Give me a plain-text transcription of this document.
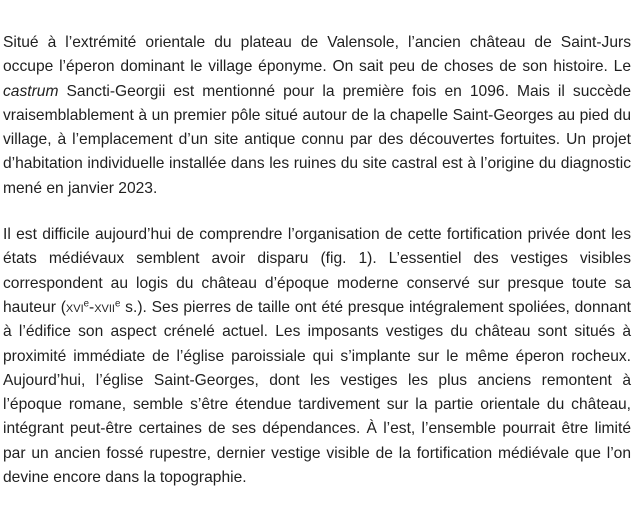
Situé à l’extrémité orientale du plateau de Valensole, l’ancien château de Saint-Jurs occupe l’éperon dominant le village éponyme. On sait peu de choses de son histoire. Le castrum Sancti-Georgii est mentionné pour la première fois en 1096. Mais il succède vraisemblablement à un premier pôle situé autour de la chapelle Saint-Georges au pied du village, à l’emplacement d’un site antique connu par des découvertes fortuites. Un projet d’habitation individuelle installée dans les ruines du site castral est à l’origine du diagnostic mené en janvier 2023.

Il est difficile aujourd’hui de comprendre l’organisation de cette fortification privée dont les états médiévaux semblent avoir disparu (fig. 1). L’essentiel des vestiges visibles correspondent au logis du château d’époque moderne conservé sur presque toute sa hauteur (xvi$^e$-xvii$^e$ s.). Ses pierres de taille ont été presque intégralement spoliées, donnant à l’édifice son aspect crénelé actuel. Les imposants vestiges du château sont situés à proximité immédiate de l’église paroissiale qui s’implante sur le même éperon rocheux. Aujourd’hui, l’église Saint-Georges, dont les vestiges les plus anciens remontent à l’époque romane, semble s’être étendue tardivement sur la partie orientale du château, intégrant peut-être certaines de ses dépendances. À l’est, l’ensemble pourrait être limité par un ancien fossé rupestre, dernier vestige visible de la fortification médiévale que l’on devine encore dans la topographie.
